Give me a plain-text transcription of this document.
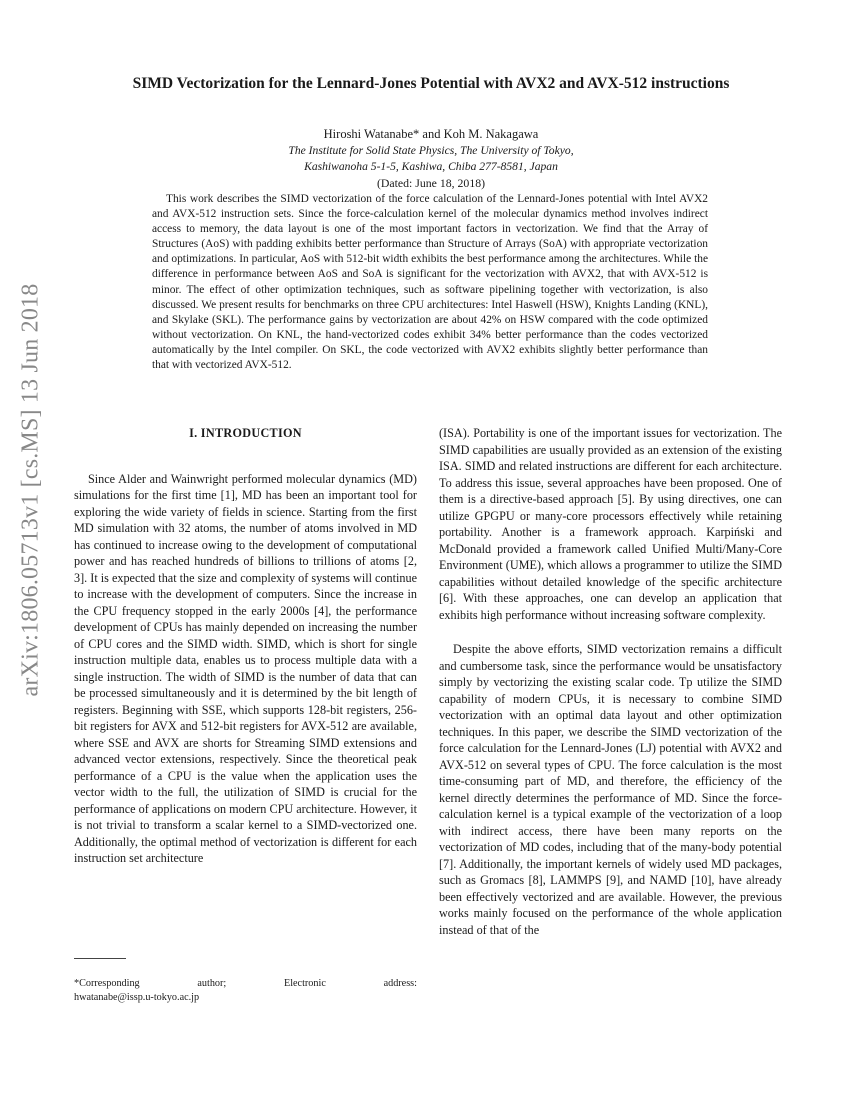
arXiv:1806.05713v1 [cs.MS] 13 Jun 2018
SIMD Vectorization for the Lennard-Jones Potential with AVX2 and AVX-512 instructions
Hiroshi Watanabe* and Koh M. Nakagawa
The Institute for Solid State Physics, The University of Tokyo,
Kashiwanoha 5-1-5, Kashiwa, Chiba 277-8581, Japan
(Dated: June 18, 2018)

This work describes the SIMD vectorization of the force calculation of the Lennard-Jones potential with Intel AVX2 and AVX-512 instruction sets. Since the force-calculation kernel of the molecular dynamics method involves indirect access to memory, the data layout is one of the most important factors in vectorization. We find that the Array of Structures (AoS) with padding exhibits better performance than Structure of Arrays (SoA) with appropriate vectorization and optimizations. In particular, AoS with 512-bit width exhibits the best performance among the architectures. While the difference in performance between AoS and SoA is significant for the vectorization with AVX2, that with AVX-512 is minor. The effect of other optimization techniques, such as software pipelining together with vectorization, is also discussed. We present results for benchmarks on three CPU architectures: Intel Haswell (HSW), Knights Landing (KNL), and Skylake (SKL). The performance gains by vectorization are about 42% on HSW compared with the code optimized without vectorization. On KNL, the hand-vectorized codes exhibit 34% better performance than the codes vectorized automatically by the Intel compiler. On SKL, the code vectorized with AVX2 exhibits slightly better performance than that with vectorized AVX-512.

I. INTRODUCTION

Since Alder and Wainwright performed molecular dynamics (MD) simulations for the first time [1], MD has been an important tool for exploring the wide variety of fields in science. Starting from the first MD simulation with 32 atoms, the number of atoms involved in MD has continued to increase owing to the development of computational power and has reached hundreds of billions to trillions of atoms [2, 3]. It is expected that the size and complexity of systems will continue to increase with the development of computers. Since the increase in the CPU frequency stopped in the early 2000s [4], the performance development of CPUs has mainly depended on increasing the number of CPU cores and the SIMD width. SIMD, which is short for single instruction multiple data, enables us to process multiple data with a single instruction. The width of SIMD is the number of data that can be processed simultaneously and it is determined by the bit length of registers. Beginning with SSE, which supports 128-bit registers, 256-bit registers for AVX and 512-bit registers for AVX-512 are available, where SSE and AVX are shorts for Streaming SIMD extensions and advanced vector extensions, respectively. Since the theoretical peak performance of a CPU is the value when the application uses the vector width to the full, the utilization of SIMD is crucial for the performance of applications on modern CPU architecture. However, it is not trivial to transform a scalar kernel to a SIMD-vectorized one. Additionally, the optimal method of vectorization is different for each instruction set architecture

(ISA). Portability is one of the important issues for vectorization. The SIMD capabilities are usually provided as an extension of the existing ISA. SIMD and related instructions are different for each architecture. To address this issue, several approaches have been proposed. One of them is a directive-based approach [5]. By using directives, one can utilize GPGPU or many-core processors effectively while retaining portability. Another is a framework approach. Karpiński and McDonald provided a framework called Unified Multi/Many-Core Environment (UME), which allows a programmer to utilize the SIMD capabilities without detailed knowledge of the specific architecture [6]. With these approaches, one can develop an application that exhibits high performance without increasing software complexity.

Despite the above efforts, SIMD vectorization remains a difficult and cumbersome task, since the performance would be unsatisfactory simply by vectorizing the existing scalar code. Tp utilize the SIMD capability of modern CPUs, it is necessary to combine SIMD vectorization with an optimal data layout and other optimization techniques. In this paper, we describe the SIMD vectorization of the force calculation for the Lennard-Jones (LJ) potential with AVX2 and AVX-512 on several types of CPU. The force calculation is the most time-consuming part of MD, and therefore, the efficiency of the kernel directly determines the performance of MD. Since the force-calculation kernel is a typical example of the vectorization of a loop with indirect access, there have been many reports on the vectorization of MD codes, including that of the many-body potential [7]. Additionally, the important kernels of widely used MD packages, such as Gromacs [8], LAMMPS [9], and NAMD [10], have already been effectively vectorized and are available. However, the previous works mainly focused on the performance of the whole application instead of that of the

*Corresponding	author;	Electronic	address:
hwatanabe@issp.u-tokyo.ac.jp
